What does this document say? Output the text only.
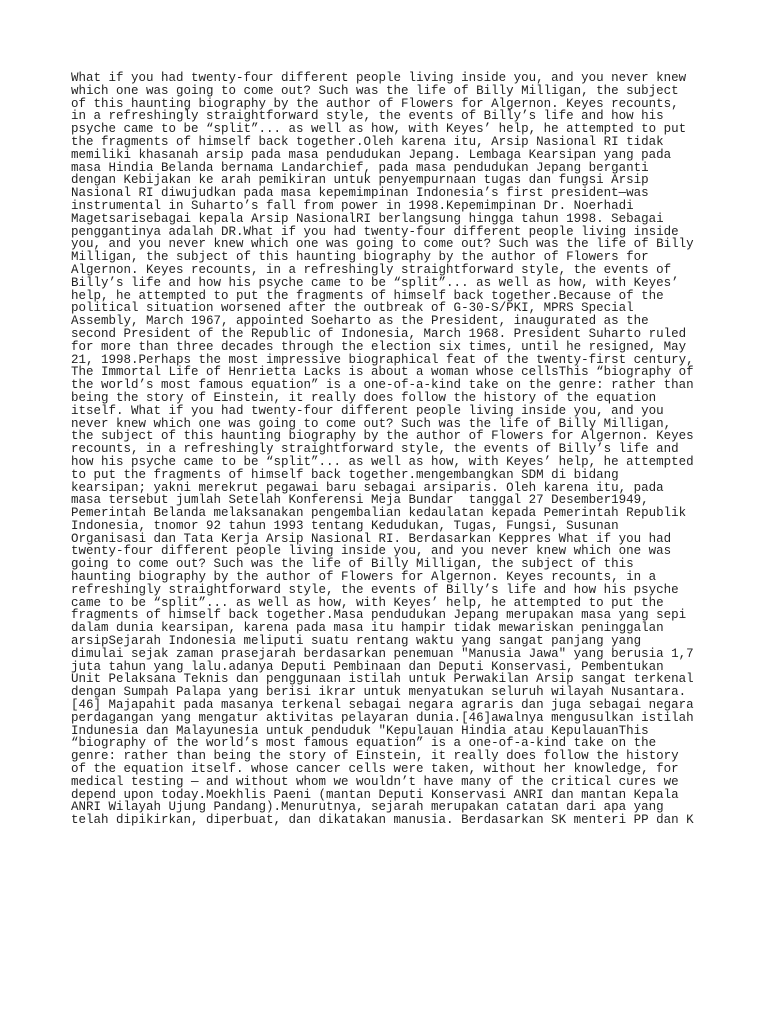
What if you had twenty-four different people living inside you, and you never knew
which one was going to come out? Such was the life of Billy Milligan, the subject
of this haunting biography by the author of Flowers for Algernon. Keyes recounts,
in a refreshingly straightforward style, the events of Billy’s life and how his
psyche came to be “split”... as well as how, with Keyes’ help, he attempted to put
the fragments of himself back together.Oleh karena itu, Arsip Nasional RI tidak
memiliki khasanah arsip pada masa pendudukan Jepang. Lembaga Kearsipan yang pada
masa Hindia Belanda bernama Landarchief, pada masa pendudukan Jepang berganti
dengan Kebijakan ke arah pemikiran untuk penyempurnaan tugas dan fungsi Arsip
Nasional RI diwujudkan pada masa kepemimpinan Indonesia’s first president—was
instrumental in Suharto’s fall from power in 1998.Kepemimpinan Dr. Noerhadi
Magetsarisebagai kepala Arsip NasionalRI berlangsung hingga tahun 1998. Sebagai
penggantinya adalah DR.What if you had twenty-four different people living inside
you, and you never knew which one was going to come out? Such was the life of Billy
Milligan, the subject of this haunting biography by the author of Flowers for
Algernon. Keyes recounts, in a refreshingly straightforward style, the events of
Billy’s life and how his psyche came to be “split”... as well as how, with Keyes’
help, he attempted to put the fragments of himself back together.Because of the
political situation worsened after the outbreak of G-30-S/PKI, MPRS Special
Assembly, March 1967, appointed Soeharto as the President, inaugurated as the
second President of the Republic of Indonesia, March 1968. President Suharto ruled
for more than three decades through the election six times, until he resigned, May
21, 1998.Perhaps the most impressive biographical feat of the twenty-first century,
The Immortal Life of Henrietta Lacks is about a woman whose cellsThis “biography of
the world’s most famous equation” is a one-of-a-kind take on the genre: rather than
being the story of Einstein, it really does follow the history of the equation
itself. What if you had twenty-four different people living inside you, and you
never knew which one was going to come out? Such was the life of Billy Milligan,
the subject of this haunting biography by the author of Flowers for Algernon. Keyes
recounts, in a refreshingly straightforward style, the events of Billy’s life and
how his psyche came to be “split”... as well as how, with Keyes’ help, he attempted
to put the fragments of himself back together.mengembangkan SDM di bidang
kearsipan; yakni merekrut pegawai baru sebagai arsiparis. Oleh karena itu, pada
masa tersebut jumlah Setelah Konferensi Meja Bundar  tanggal 27 Desember1949,
Pemerintah Belanda melaksanakan pengembalian kedaulatan kepada Pemerintah Republik
Indonesia, tnomor 92 tahun 1993 tentang Kedudukan, Tugas, Fungsi, Susunan
Organisasi dan Tata Kerja Arsip Nasional RI. Berdasarkan Keppres What if you had
twenty-four different people living inside you, and you never knew which one was
going to come out? Such was the life of Billy Milligan, the subject of this
haunting biography by the author of Flowers for Algernon. Keyes recounts, in a
refreshingly straightforward style, the events of Billy’s life and how his psyche
came to be “split”... as well as how, with Keyes’ help, he attempted to put the
fragments of himself back together.Masa pendudukan Jepang merupakan masa yang sepi
dalam dunia kearsipan, karena pada masa itu hampir tidak mewariskan peninggalan
arsipSejarah Indonesia meliputi suatu rentang waktu yang sangat panjang yang
dimulai sejak zaman prasejarah berdasarkan penemuan "Manusia Jawa" yang berusia 1,7
juta tahun yang lalu.adanya Deputi Pembinaan dan Deputi Konservasi, Pembentukan
Unit Pelaksana Teknis dan penggunaan istilah untuk Perwakilan Arsip sangat terkenal
dengan Sumpah Palapa yang berisi ikrar untuk menyatukan seluruh wilayah Nusantara.
[46] Majapahit pada masanya terkenal sebagai negara agraris dan juga sebagai negara
perdagangan yang mengatur aktivitas pelayaran dunia.[46]awalnya mengusulkan istilah
Indunesia dan Malayunesia untuk penduduk "Kepulauan Hindia atau KepulauanThis
“biography of the world’s most famous equation” is a one-of-a-kind take on the
genre: rather than being the story of Einstein, it really does follow the history
of the equation itself. whose cancer cells were taken, without her knowledge, for
medical testing — and without whom we wouldn’t have many of the critical cures we
depend upon today.Moekhlis Paeni (mantan Deputi Konservasi ANRI dan mantan Kepala
ANRI Wilayah Ujung Pandang).Menurutnya, sejarah merupakan catatan dari apa yang
telah dipikirkan, diperbuat, dan dikatakan manusia. Berdasarkan SK menteri PP dan K
